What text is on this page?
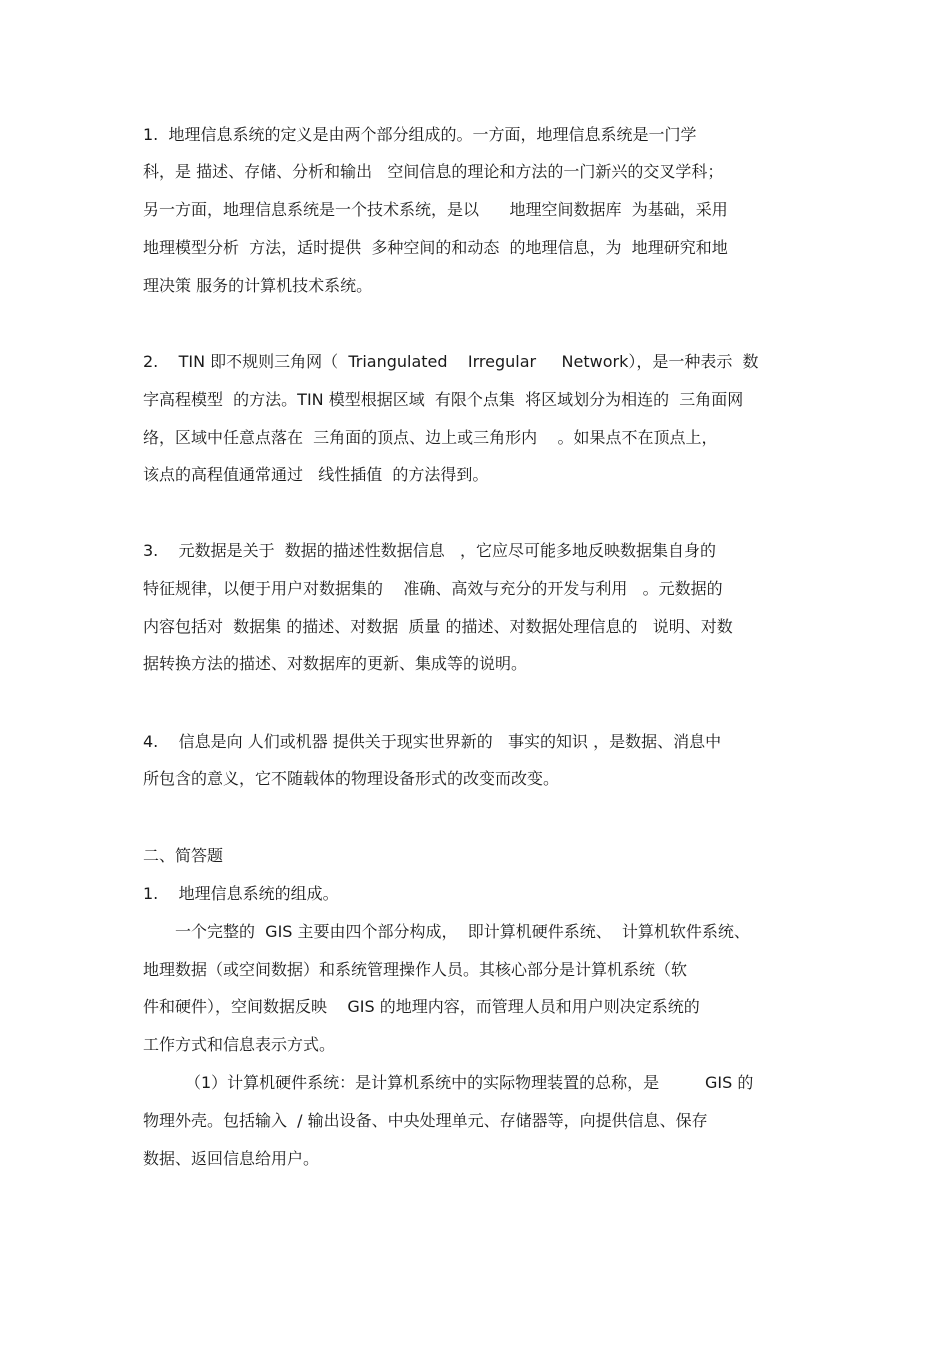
1.  地理信息系统的定义是由两个部分组成的。一方面，地理信息系统是一门学
科，是 描述、存储、分析和输出   空间信息的理论和方法的一门新兴的交叉学科；
另一方面，地理信息系统是一个技术系统，是以      地理空间数据库  为基础，采用
地理模型分析  方法，适时提供  多种空间的和动态  的地理信息，为  地理研究和地
理决策 服务的计算机技术系统。
2.    TIN 即不规则三角网（  Triangulated    Irregular     Network），是一种表示  数
字高程模型  的方法。TIN 模型根据区域  有限个点集  将区域划分为相连的  三角面网
络，区域中任意点落在  三角面的顶点、边上或三角形内    。如果点不在顶点上，
该点的高程值通常通过   线性插值  的方法得到。
3.    元数据是关于  数据的描述性数据信息   ，它应尽可能多地反映数据集自身的
特征规律，以便于用户对数据集的    准确、高效与充分的开发与利用   。元数据的
内容包括对  数据集 的描述、对数据  质量 的描述、对数据处理信息的   说明、对数
据转换方法的描述、对数据库的更新、集成等的说明。
4.    信息是向 人们或机器 提供关于现实世界新的   事实的知识 ，是数据、消息中
所包含的意义，它不随载体的物理设备形式的改变而改变。
二、简答题
1.    地理信息系统的组成。
一个完整的  GIS 主要由四个部分构成，  即计算机硬件系统、  计算机软件系统、
地理数据（或空间数据）和系统管理操作人员。其核心部分是计算机系统（软
件和硬件），空间数据反映    GIS 的地理内容，而管理人员和用户则决定系统的
工作方式和信息表示方式。
（1）计算机硬件系统：是计算机系统中的实际物理装置的总称，是         GIS 的
物理外壳。包括输入  / 输出设备、中央处理单元、存储器等，向提供信息、保存
数据、返回信息给用户。
